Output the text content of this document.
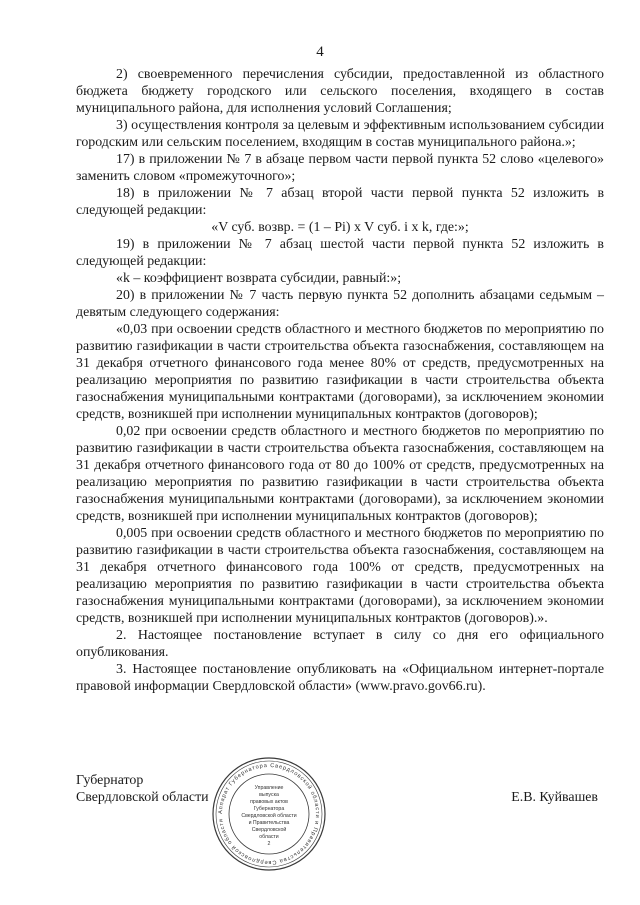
4

2) своевременного перечисления субсидии, предоставленной из областного бюджета бюджету городского или сельского поселения, входящего в состав муниципального района, для исполнения условий Соглашения;

3) осуществления контроля за целевым и эффективным использованием субсидии городским или сельским поселением, входящим в состав муниципального района.»;

17) в приложении № 7 в абзаце первом части первой пункта 52 слово «целевого» заменить словом «промежуточного»;

18) в приложении № 7 абзац второй части первой пункта 52 изложить в следующей редакции:

«V суб. возвр. = (1 – Pi) x V суб. i x k, где:»;

19) в приложении № 7 абзац шестой части первой пункта 52 изложить в следующей редакции:

«k – коэффициент возврата субсидии, равный:»;

20) в приложении № 7 часть первую пункта 52 дополнить абзацами седьмым – девятым следующего содержания:

«0,03 при освоении средств областного и местного бюджетов по мероприятию по развитию газификации в части строительства объекта газоснабжения, составляющем на 31 декабря отчетного финансового года менее 80% от средств, предусмотренных на реализацию мероприятия по развитию газификации в части строительства объекта газоснабжения муниципальными контрактами (договорами), за исключением экономии средств, возникшей при исполнении муниципальных контрактов (договоров);

0,02 при освоении средств областного и местного бюджетов по мероприятию по развитию газификации в части строительства объекта газоснабжения, составляющем на 31 декабря отчетного финансового года от 80 до 100% от средств, предусмотренных на реализацию мероприятия по развитию газификации в части строительства объекта газоснабжения муниципальными контрактами (договорами), за исключением экономии средств, возникшей при исполнении муниципальных контрактов (договоров);

0,005 при освоении средств областного и местного бюджетов по мероприятию по развитию газификации в части строительства объекта газоснабжения, составляющем на 31 декабря отчетного финансового года 100% от средств, предусмотренных на реализацию мероприятия по развитию газификации в части строительства объекта газоснабжения муниципальными контрактами (договорами), за исключением экономии средств, возникшей при исполнении муниципальных контрактов (договоров).».

2. Настоящее постановление вступает в силу со дня его официального опубликования.

3. Настоящее постановление опубликовать на «Официальном интернет-портале правовой информации Свердловской области» (www.pravo.gov66.ru).

Губернатор
Свердловской области	Е.В. Куйвашев
Аппарат Губернатора Свердловской области и Правительства Свердловской области
Управление
выпуска
правовых актов
Губернатора
Свердловской области
и Правительства
Свердловской
области
2
